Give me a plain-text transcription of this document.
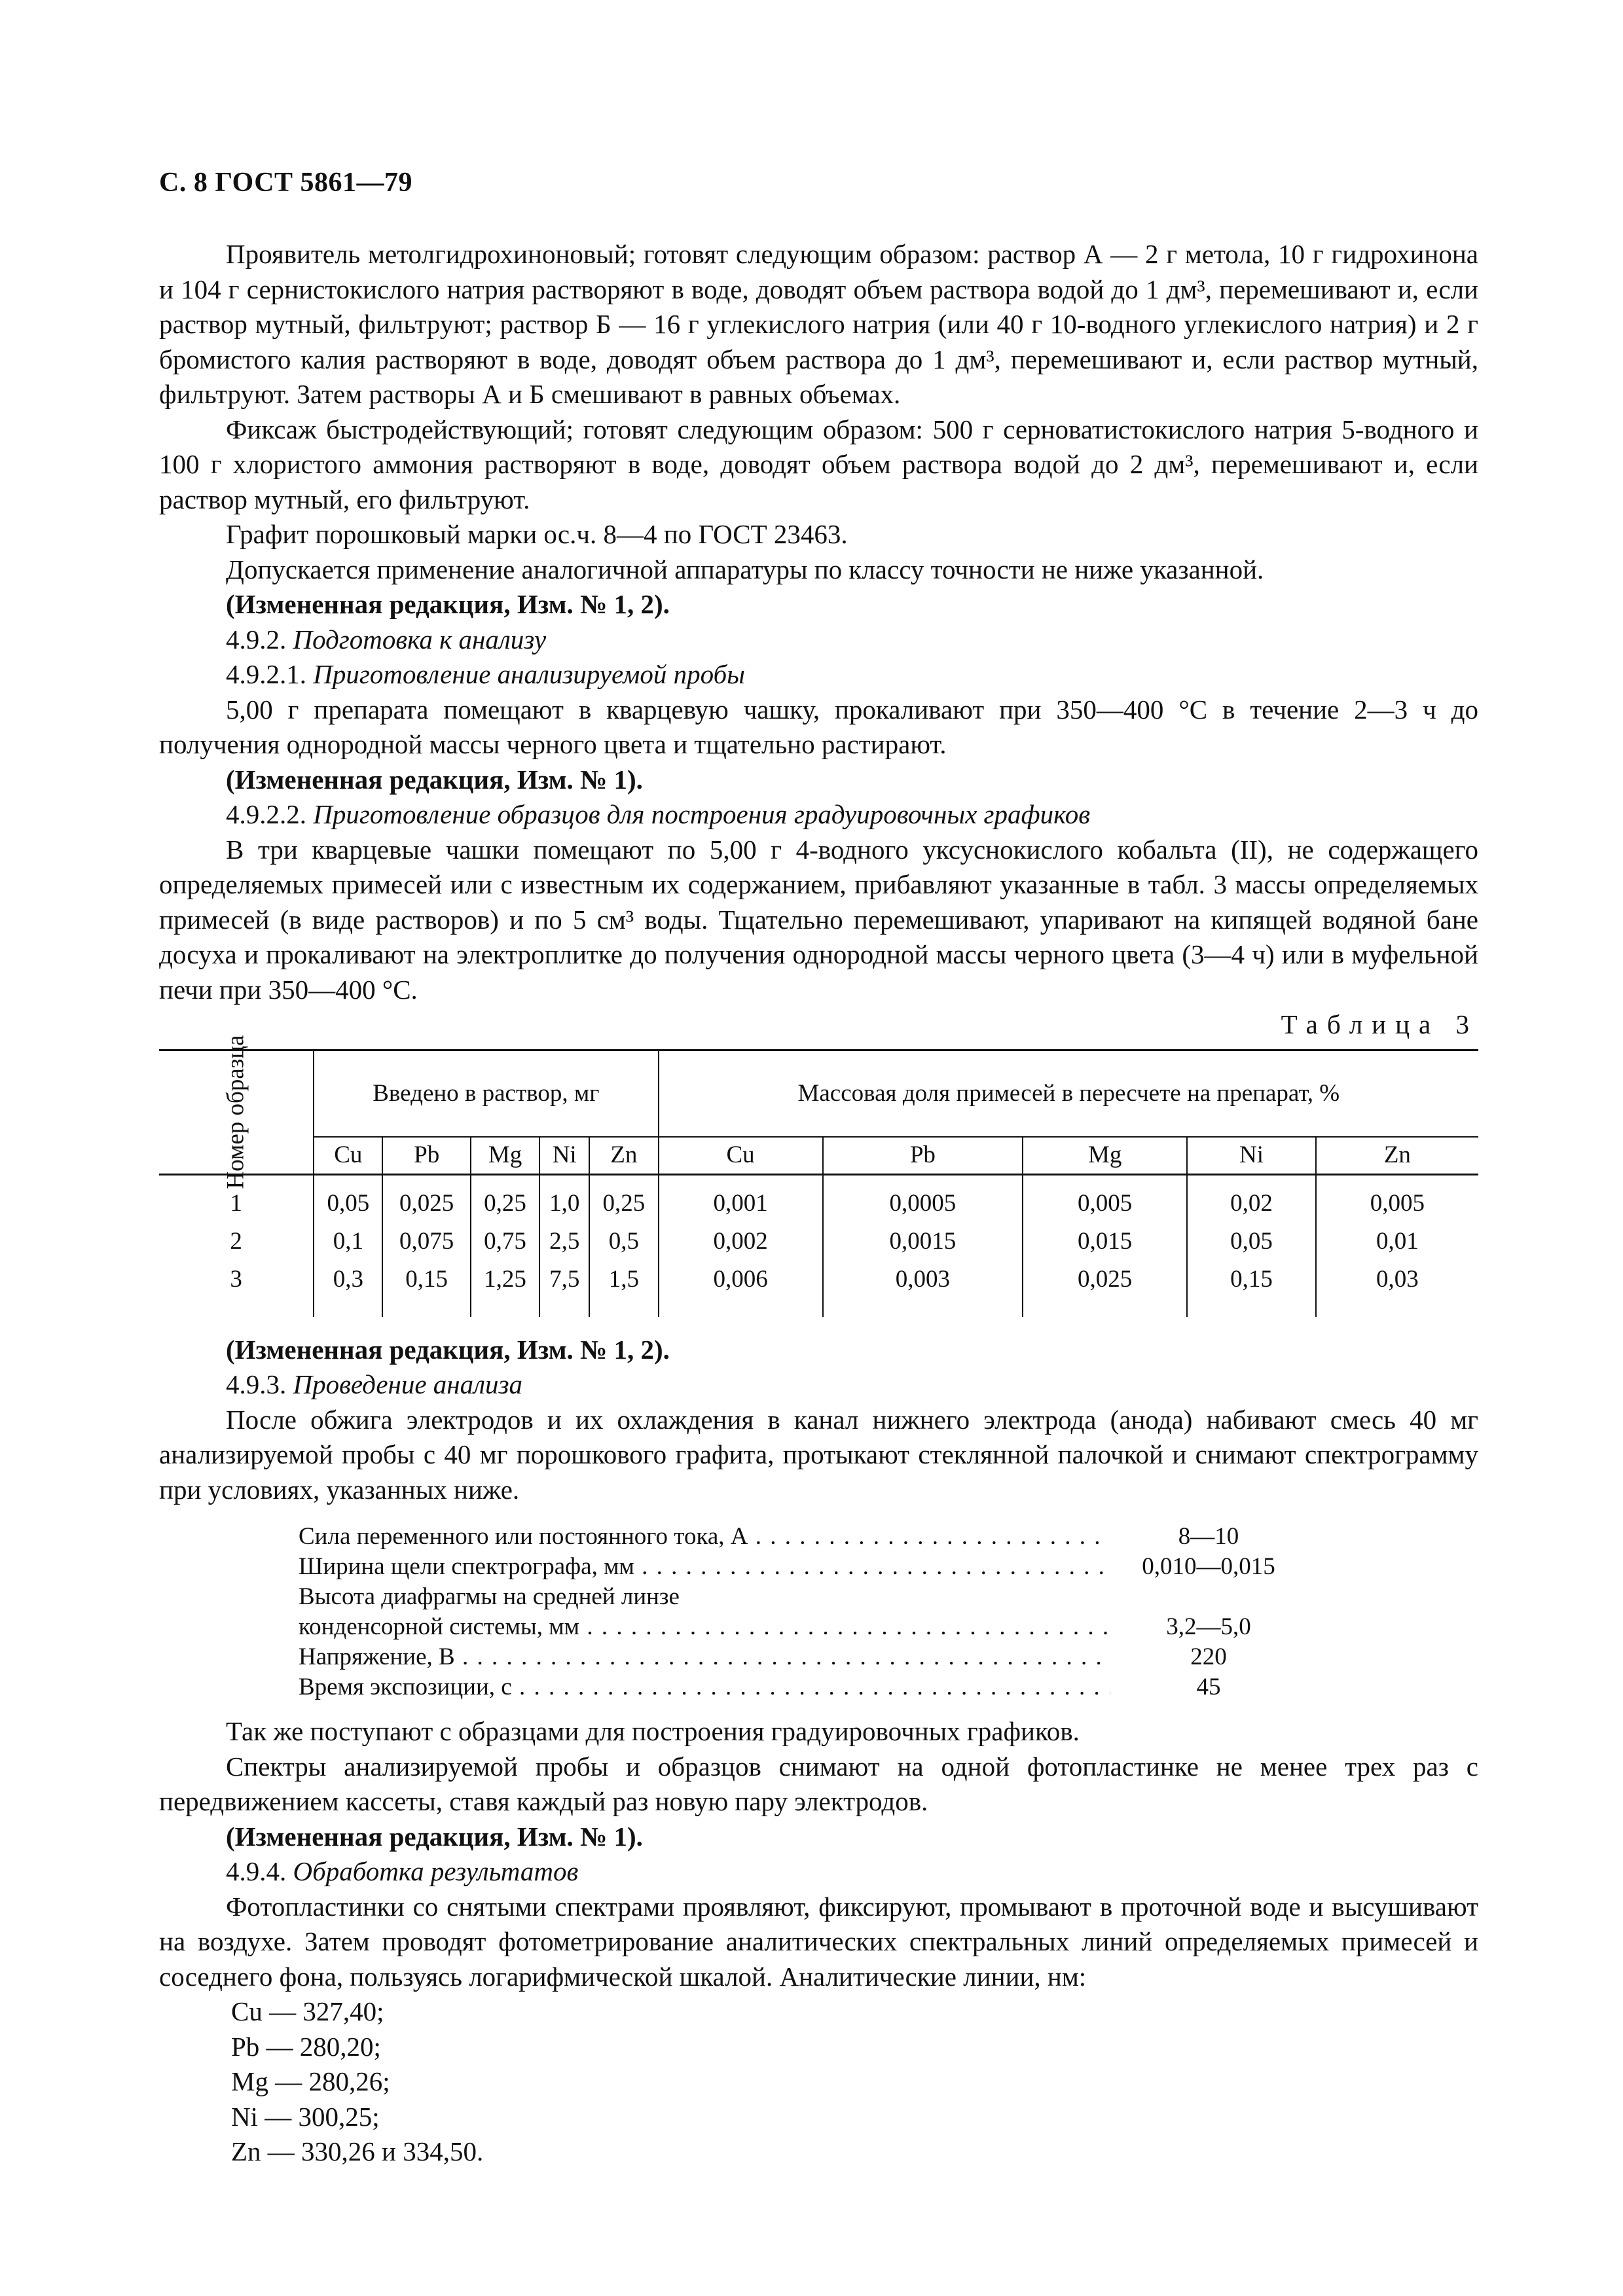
С. 8 ГОСТ 5861—79

Проявитель метолгидрохиноновый; готовят следующим образом: раствор А — 2 г метола, 10 г гидрохинона и 104 г сернистокислого натрия растворяют в воде, доводят объем раствора водой до 1 дм³, перемешивают и, если раствор мутный, фильтруют; раствор Б — 16 г углекислого натрия (или 40 г 10-водного углекислого натрия) и 2 г бромистого калия растворяют в воде, доводят объем раствора до 1 дм³, перемешивают и, если раствор мутный, фильтруют. Затем растворы А и Б смешивают в равных объемах.

Фиксаж быстродействующий; готовят следующим образом: 500 г серноватистокислого натрия 5-водного и 100 г хлористого аммония растворяют в воде, доводят объем раствора водой до 2 дм³, перемешивают и, если раствор мутный, его фильтруют.

Графит порошковый марки ос.ч. 8—4 по ГОСТ 23463.

Допускается применение аналогичной аппаратуры по классу точности не ниже указанной.

(Измененная редакция, Изм. № 1, 2).

4.9.2. Подготовка к анализу

4.9.2.1. Приготовление анализируемой пробы

5,00 г препарата помещают в кварцевую чашку, прокаливают при 350—400 °С в течение 2—3 ч до получения однородной массы черного цвета и тщательно растирают.

(Измененная редакция, Изм. № 1).

4.9.2.2. Приготовление образцов для построения градуировочных графиков

В три кварцевые чашки помещают по 5,00 г 4-водного уксуснокислого кобальта (II), не содержащего определяемых примесей или с известным их содержанием, прибавляют указанные в табл. 3 массы определяемых примесей (в виде растворов) и по 5 см³ воды. Тщательно перемешивают, упаривают на кипящей водяной бане досуха и прокаливают на электроплитке до получения однородной массы черного цвета (3—4 ч) или в муфельной печи при 350—400 °С.

Таблица 3

Номер образца	Введено в раствор, мг					Массовая доля примесей в пересчете на препарат, %				
	Cu	Pb	Mg	Ni	Zn	Cu	Pb	Mg	Ni	Zn
1	0,05	0,025	0,25	1,0	0,25	0,001	0,0005	0,005	0,02	0,005
2	0,1	0,075	0,75	2,5	0,5	0,002	0,0015	0,015	0,05	0,01
3	0,3	0,15	1,25	7,5	1,5	0,006	0,003	0,025	0,15	0,03

(Измененная редакция, Изм. № 1, 2).

4.9.3. Проведение анализа

После обжига электродов и их охлаждения в канал нижнего электрода (анода) набивают смесь 40 мг анализируемой пробы с 40 мг порошкового графита, протыкают стеклянной палочкой и снимают спектрограмму при условиях, указанных ниже.

Сила переменного или постоянного тока, А . . .	8—10
Ширина щели спектрографа, мм . . .	0,010—0,015
Высота диафрагмы на средней линзе
конденсорной системы, мм . . .	3,2—5,0
Напряжение, В . . .	220
Время экспозиции, с . . .	45

Так же поступают с образцами для построения градуировочных графиков.

Спектры анализируемой пробы и образцов снимают на одной фотопластинке не менее трех раз с передвижением кассеты, ставя каждый раз новую пару электродов.

(Измененная редакция, Изм. № 1).

4.9.4. Обработка результатов

Фотопластинки со снятыми спектрами проявляют, фиксируют, промывают в проточной воде и высушивают на воздухе. Затем проводят фотометрирование аналитических спектральных линий определяемых примесей и соседнего фона, пользуясь логарифмической шкалой. Аналитические линии, нм:

Cu — 327,40;

Pb — 280,20;

Mg — 280,26;

Ni — 300,25;

Zn — 330,26 и 334,50.
